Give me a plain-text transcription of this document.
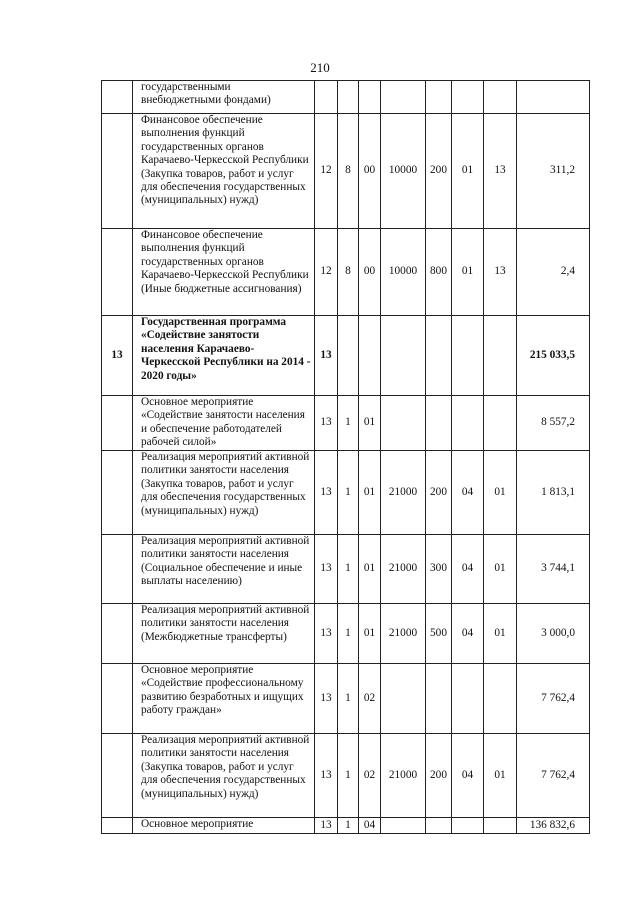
210
	государственными внебюджетными фондами)								
	Финансовое обеспечение выполнения функций государственных органов Карачаево-Черкесской Республики (Закупка товаров, работ и услуг для обеспечения государственных (муниципальных) нужд)	12	8	00	10000	200	01	13	311,2
	Финансовое обеспечение выполнения функций государственных органов Карачаево-Черкесской Республики (Иные бюджетные ассигнования)	12	8	00	10000	800	01	13	2,4
13	Государственная программа «Содействие занятости населения Карачаево-Черкесской Республики на 2014 - 2020 годы»	13							215 033,5
	Основное мероприятие «Содействие занятости населения и обеспечение работодателей рабочей силой»	13	1	01					8 557,2
	Реализация мероприятий активной политики занятости населения (Закупка товаров, работ и услуг для обеспечения государственных (муниципальных) нужд)	13	1	01	21000	200	04	01	1 813,1
	Реализация мероприятий активной политики занятости населения (Социальное обеспечение и иные выплаты населению)	13	1	01	21000	300	04	01	3 744,1
	Реализация мероприятий активной политики занятости населения (Межбюджетные трансферты)	13	1	01	21000	500	04	01	3 000,0
	Основное мероприятие «Содействие профессиональному развитию безработных и ищущих работу граждан»	13	1	02					7 762,4
	Реализация мероприятий активной политики занятости населения (Закупка товаров, работ и услуг для обеспечения государственных (муниципальных) нужд)	13	1	02	21000	200	04	01	7 762,4
	Основное мероприятие	13	1	04					136 832,6
